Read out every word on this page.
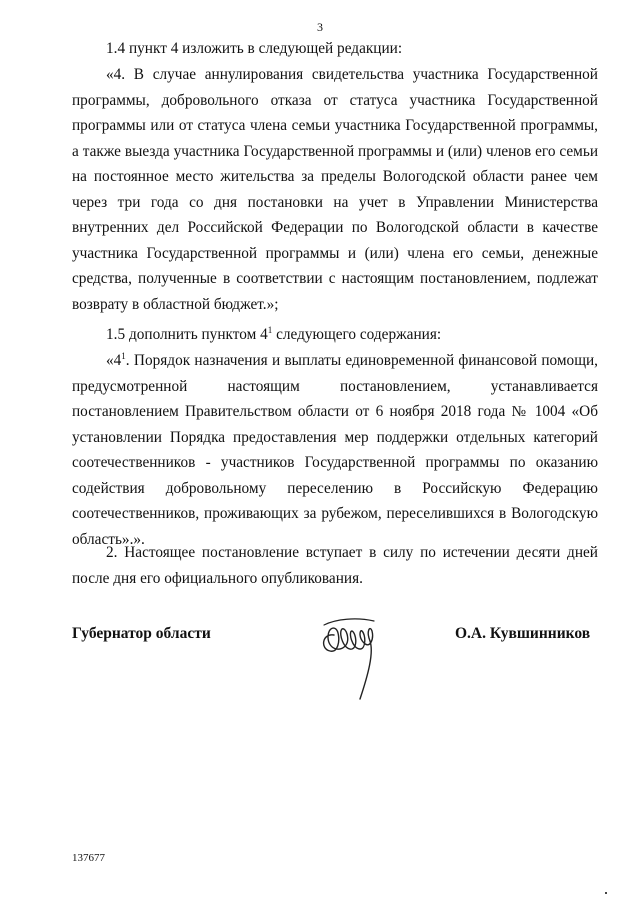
3

1.4 пункт 4 изложить в следующей редакции:

«4. В случае аннулирования свидетельства участника Государственной программы, добровольного отказа от статуса участника Государственной программы или от статуса члена семьи участника Государственной программы, а также выезда участника Государственной программы и (или) членов его семьи на постоянное место жительства за пределы Вологодской области ранее чем через три года со дня постановки на учет в Управлении Министерства внутренних дел Российской Федерации по Вологодской области в качестве участника Государственной программы и (или) члена его семьи, денежные средства, полученные в соответствии с настоящим постановлением, подлежат возврату в областной бюджет.»;

1.5 дополнить пунктом $4^1$ следующего содержания:

«$4^1$. Порядок назначения и выплаты единовременной финансовой помощи, предусмотренной настоящим постановлением, устанавливается постановлением Правительством области от 6 ноября 2018 года № 1004 «Об установлении Порядка предоставления мер поддержки отдельных категорий соотечественников - участников Государственной программы по оказанию содействия добровольному переселению в Российскую Федерацию соотечественников, проживающих за рубежом, переселившихся в Вологодскую область».».

2. Настоящее постановление вступает в силу по истечении десяти дней после дня его официального опубликования.

Губернатор области	О.А. Кувшинников
137677
